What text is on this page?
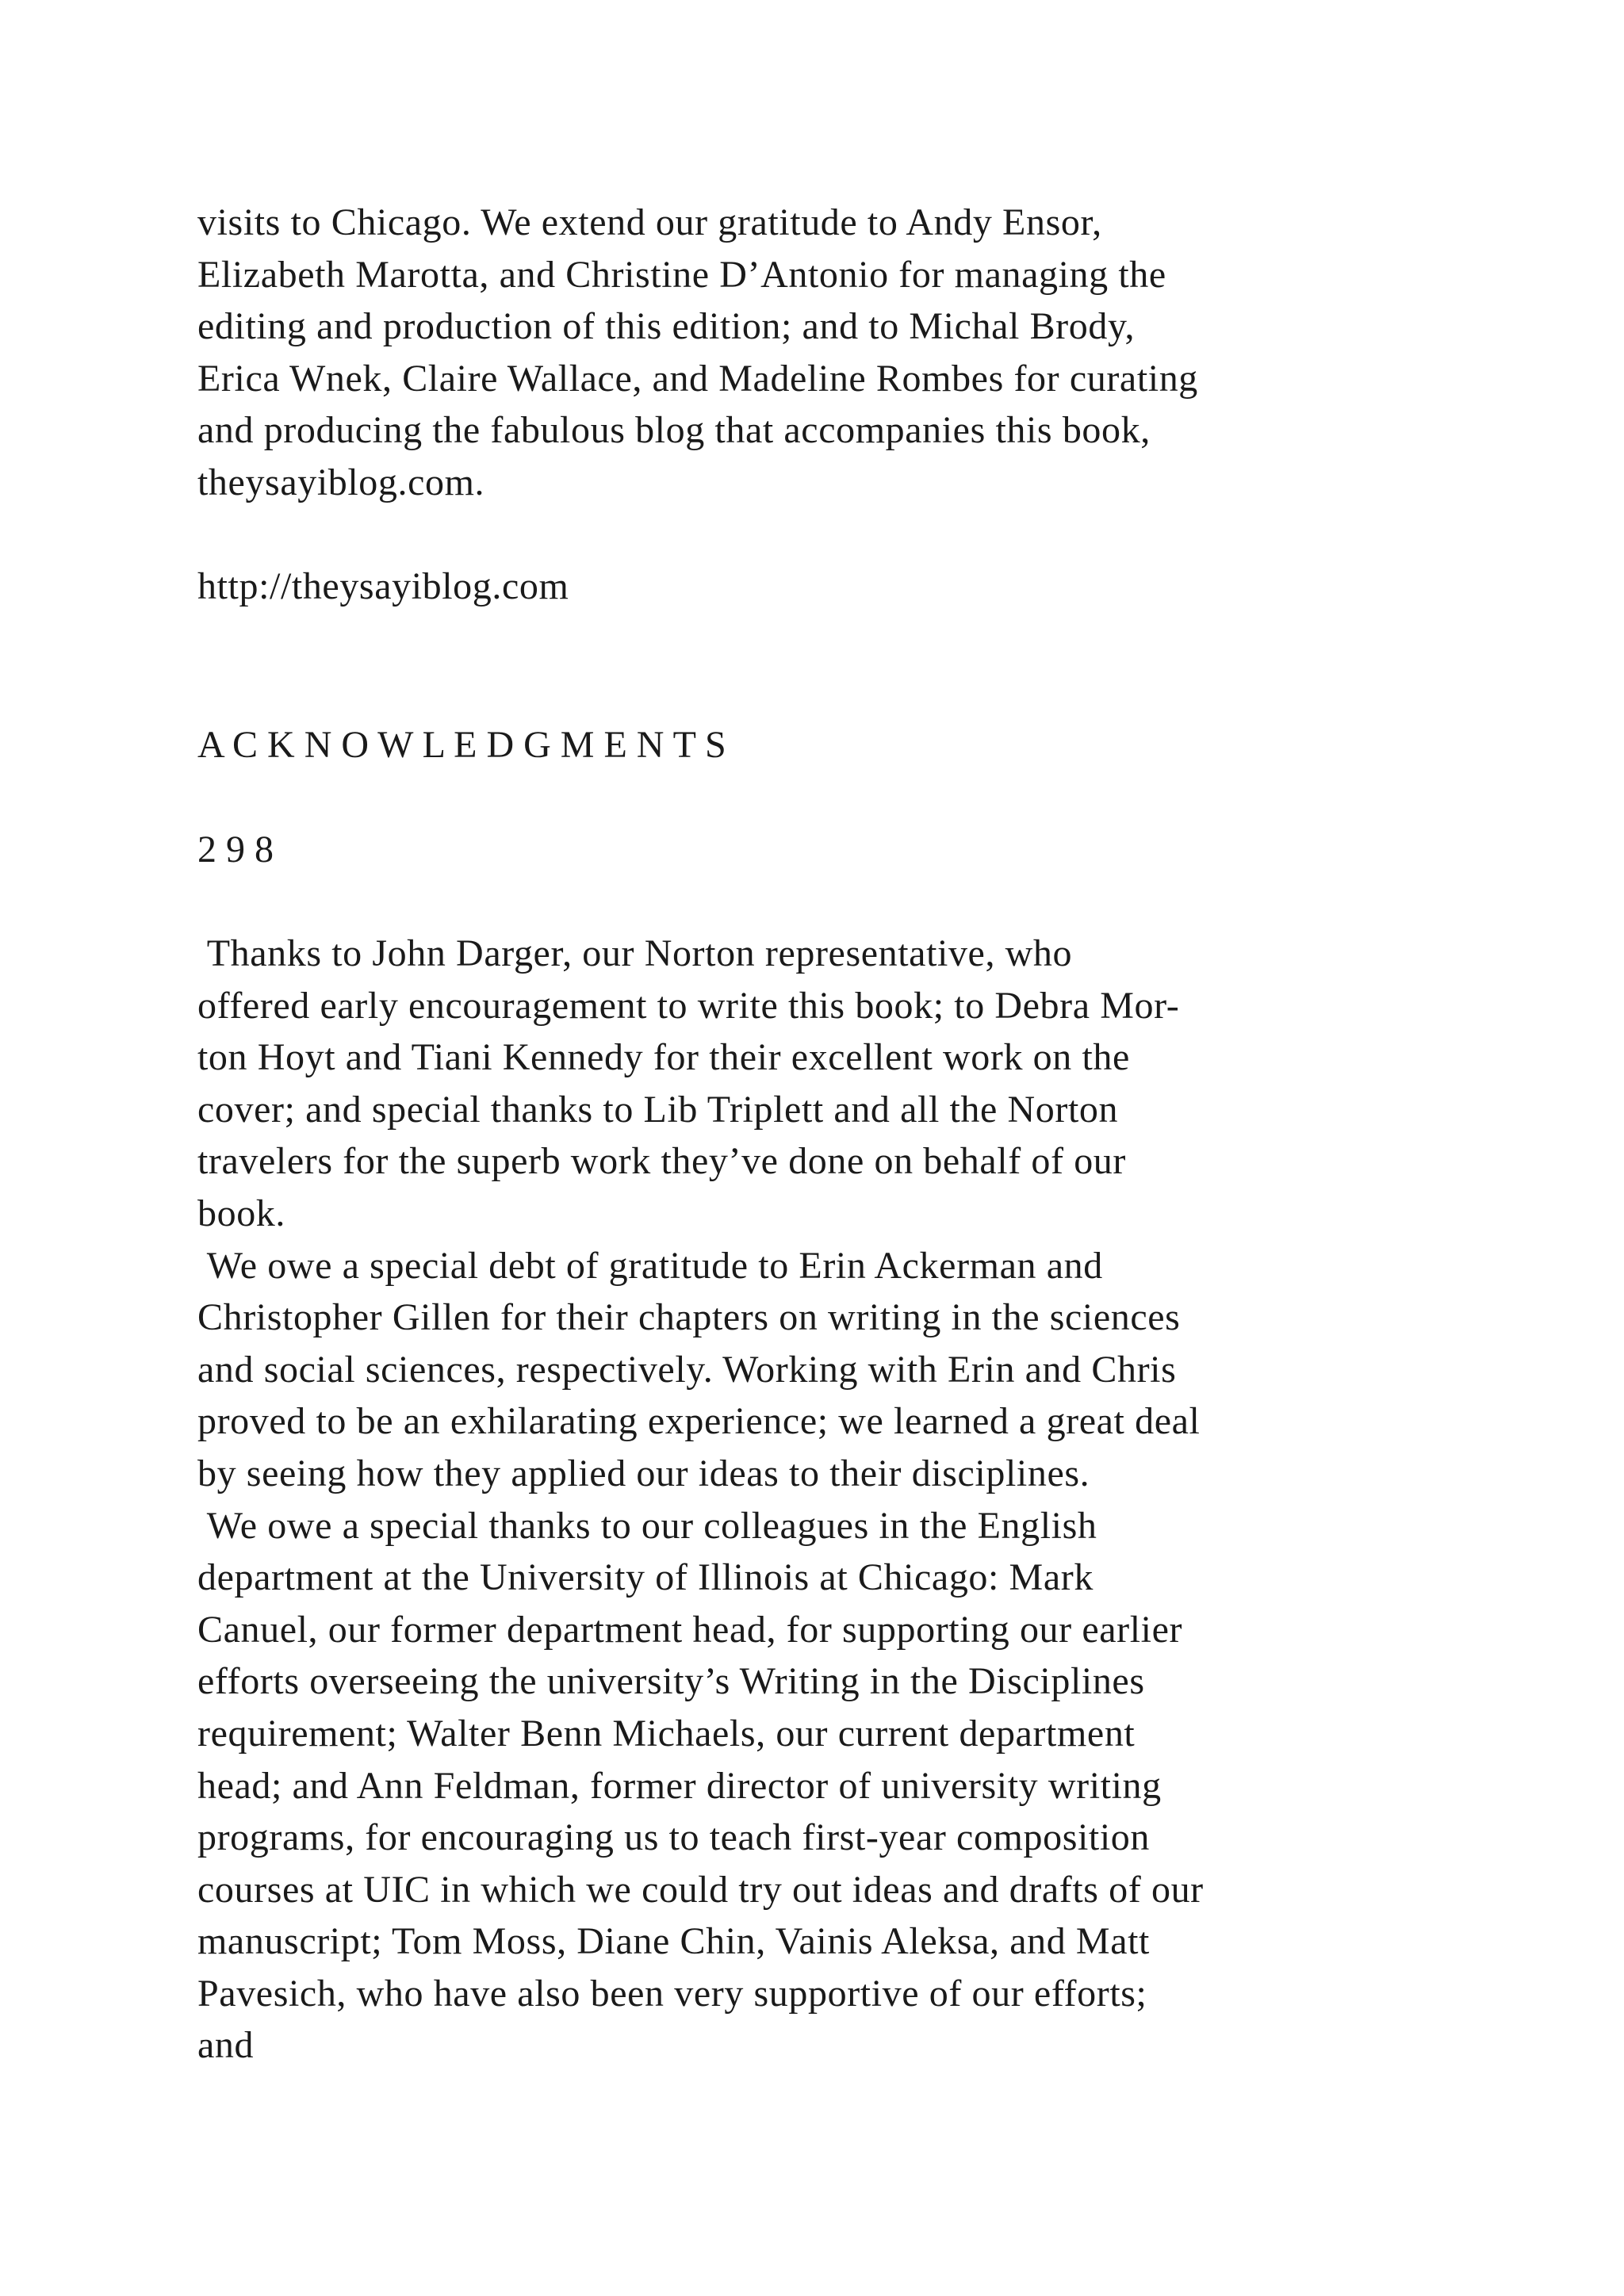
visits to Chicago. We extend our gratitude to Andy Ensor,
Elizabeth Marotta, and Christine D’Antonio for managing the
editing and production of this edition; and to Michal Brody,
Erica Wnek, Claire Wallace, and Madeline Rombes for curating
and producing the fabulous blog that accompanies this book,
theysayiblog.com.
http://theysayiblog.com
A C K N O W L E D G M E N T S
2 9 8
Thanks to John Darger, our Norton representative, who
offered early encouragement to write this book; to Debra Mor-
ton Hoyt and Tiani Kennedy for their excellent work on the
cover; and special thanks to Lib Triplett and all the Norton
travelers for the superb work they’ve done on behalf of our
book.
We owe a special debt of gratitude to Erin Ackerman and
Christopher Gillen for their chapters on writing in the sciences
and social sciences, respectively. Working with Erin and Chris
proved to be an exhilarating experience; we learned a great deal
by seeing how they applied our ideas to their disciplines.
We owe a special thanks to our colleagues in the English
department at the University of Illinois at Chicago: Mark
Canuel, our former department head, for supporting our earlier
efforts overseeing the university’s Writing in the Disciplines
requirement; Walter Benn Michaels, our current department
head; and Ann Feldman, former director of university writing
programs, for encouraging us to teach first-year composition
courses at UIC in which we could try out ideas and drafts of our
manuscript; Tom Moss, Diane Chin, Vainis Aleksa, and Matt
Pavesich, who have also been very supportive of our efforts;
and
